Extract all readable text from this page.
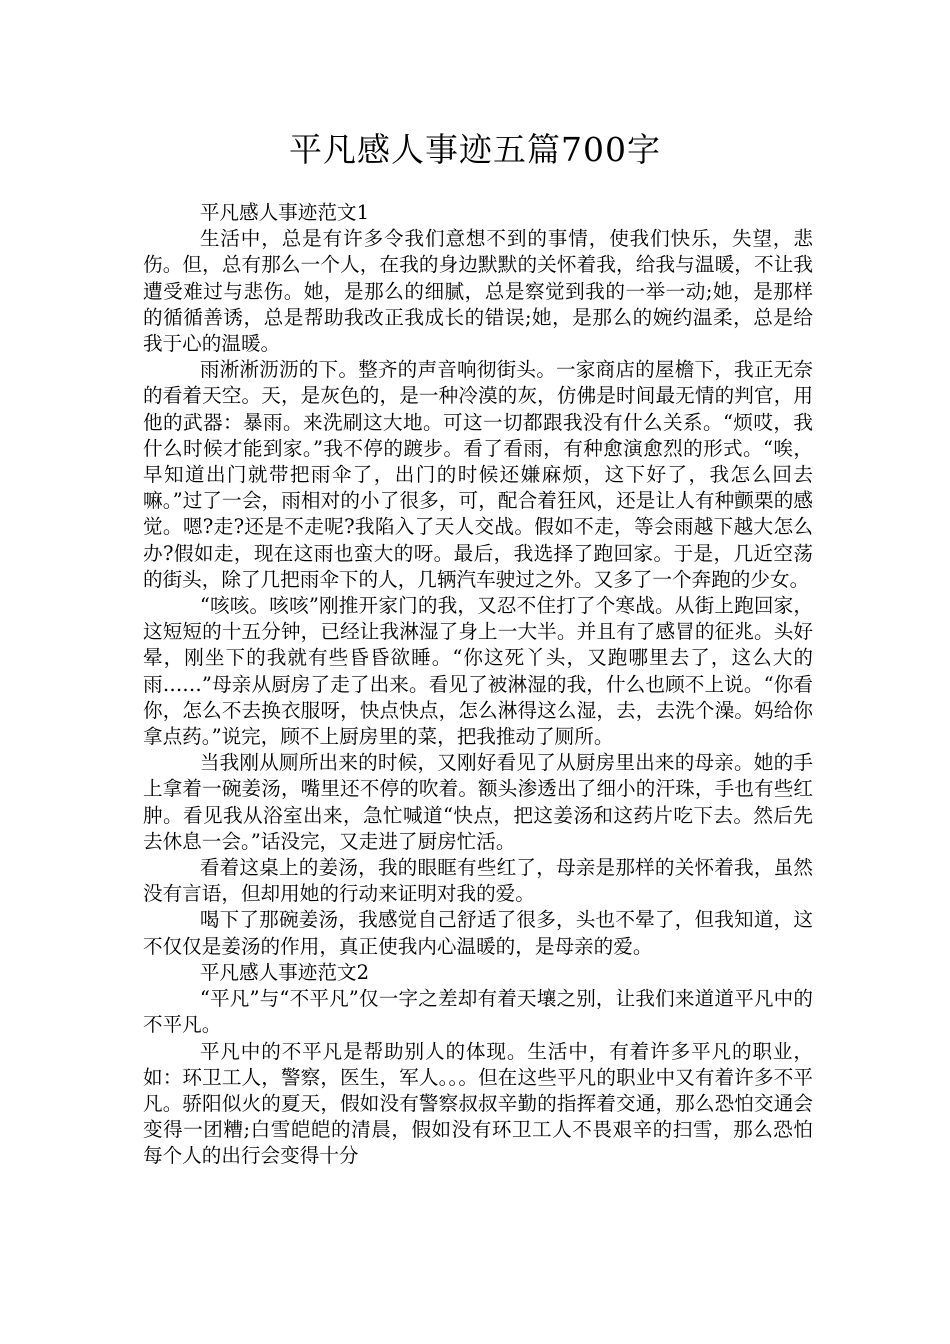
平凡感人事迹五篇700字

平凡感人事迹范文1

生活中，总是有许多令我们意想不到的事情，使我们快乐，失望，悲伤。但，总有那么一个人，在我的身边默默的关怀着我，给我与温暖，不让我遭受难过与悲伤。她，是那么的细腻，总是察觉到我的一举一动;她，是那样的循循善诱，总是帮助我改正我成长的错误;她，是那么的婉约温柔，总是给我于心的温暖。

雨淅淅沥沥的下。整齐的声音响彻街头。一家商店的屋檐下，我正无奈的看着天空。天，是灰色的，是一种冷漠的灰，仿佛是时间最无情的判官，用他的武器：暴雨。来洗刷这大地。可这一切都跟我没有什么关系。“烦哎，我什么时候才能到家。”我不停的踱步。看了看雨，有种愈演愈烈的形式。“唉，早知道出门就带把雨伞了，出门的时候还嫌麻烦，这下好了，我怎么回去嘛。”过了一会，雨相对的小了很多，可，配合着狂风，还是让人有种颤栗的感觉。嗯?走?还是不走呢?我陷入了天人交战。假如不走，等会雨越下越大怎么办?假如走，现在这雨也蛮大的呀。最后，我选择了跑回家。于是，几近空荡的街头，除了几把雨伞下的人，几辆汽车驶过之外。又多了一个奔跑的少女。

“咳咳。咳咳”刚推开家门的我，又忍不住打了个寒战。从街上跑回家，这短短的十五分钟，已经让我淋湿了身上一大半。并且有了感冒的征兆。头好晕，刚坐下的我就有些昏昏欲睡。“你这死丫头，又跑哪里去了，这么大的雨……”母亲从厨房了走了出来。看见了被淋湿的我，什么也顾不上说。“你看你，怎么不去换衣服呀，快点快点，怎么淋得这么湿，去，去洗个澡。妈给你拿点药。”说完，顾不上厨房里的菜，把我推动了厕所。

当我刚从厕所出来的时候，又刚好看见了从厨房里出来的母亲。她的手上拿着一碗姜汤，嘴里还不停的吹着。额头渗透出了细小的汗珠，手也有些红肿。看见我从浴室出来，急忙喊道“快点，把这姜汤和这药片吃下去。然后先去休息一会。”话没完，又走进了厨房忙活。

看着这桌上的姜汤，我的眼眶有些红了，母亲是那样的关怀着我，虽然没有言语，但却用她的行动来证明对我的爱。

喝下了那碗姜汤，我感觉自己舒适了很多，头也不晕了，但我知道，这不仅仅是姜汤的作用，真正使我内心温暖的，是母亲的爱。

平凡感人事迹范文2

“平凡”与“不平凡”仅一字之差却有着天壤之别，让我们来道道平凡中的不平凡。

平凡中的不平凡是帮助别人的体现。生活中，有着许多平凡的职业，如：环卫工人，警察，医生，军人。。。但在这些平凡的职业中又有着许多不平凡。骄阳似火的夏天，假如没有警察叔叔辛勤的指挥着交通，那么恐怕交通会变得一团糟;白雪皑皑的清晨，假如没有环卫工人不畏艰辛的扫雪，那么恐怕每个人的出行会变得十分
